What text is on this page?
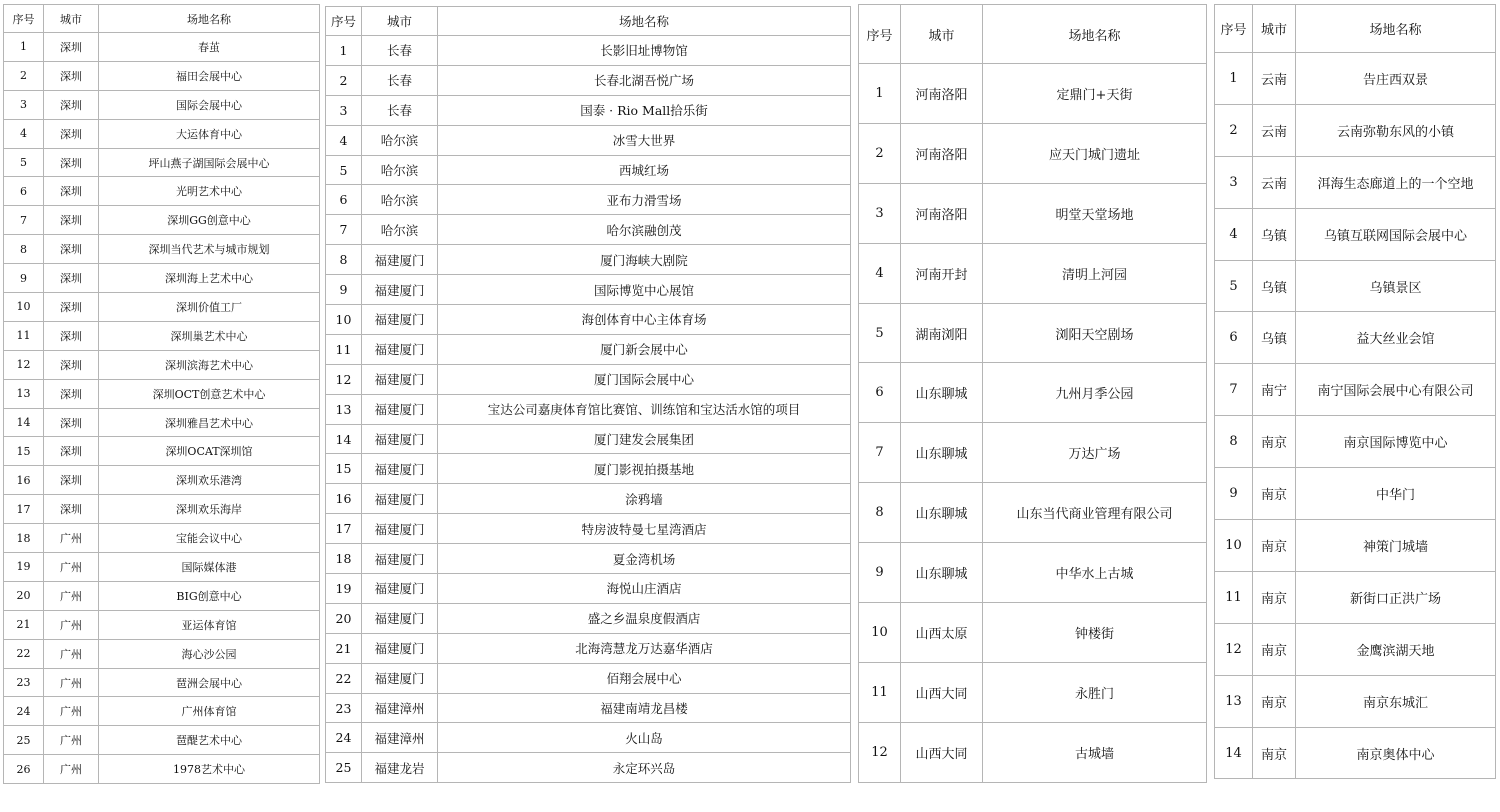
序号	城市	场地名称
1	深圳	春茧
2	深圳	福田会展中心
3	深圳	国际会展中心
4	深圳	大运体育中心
5	深圳	坪山燕子湖国际会展中心
6	深圳	光明艺术中心
7	深圳	深圳GG创意中心
8	深圳	深圳当代艺术与城市规划
9	深圳	深圳海上艺术中心
10	深圳	深圳价值工厂
11	深圳	深圳巢艺术中心
12	深圳	深圳滨海艺术中心
13	深圳	深圳OCT创意艺术中心
14	深圳	深圳雅昌艺术中心
15	深圳	深圳OCAT深圳馆
16	深圳	深圳欢乐港湾
17	深圳	深圳欢乐海岸
18	广州	宝能会议中心
19	广州	国际媒体港
20	广州	BIG创意中心
21	广州	亚运体育馆
22	广州	海心沙公园
23	广州	琶洲会展中心
24	广州	广州体育馆
25	广州	琶醍艺术中心
26	广州	1978艺术中心
序号	城市	场地名称
1	长春	长影旧址博物馆
2	长春	长春北湖吾悦广场
3	长春	国泰 · Rio Mall拾乐街
4	哈尔滨	冰雪大世界
5	哈尔滨	西城红场
6	哈尔滨	亚布力滑雪场
7	哈尔滨	哈尔滨融创茂
8	福建厦门	厦门海峡大剧院
9	福建厦门	国际博览中心展馆
10	福建厦门	海创体育中心主体育场
11	福建厦门	厦门新会展中心
12	福建厦门	厦门国际会展中心
13	福建厦门	宝达公司嘉庚体育馆比赛馆、训练馆和宝达活水馆的项目
14	福建厦门	厦门建发会展集团
15	福建厦门	厦门影视拍摄基地
16	福建厦门	涂鸦墙
17	福建厦门	特房波特曼七星湾酒店
18	福建厦门	夏金湾机场
19	福建厦门	海悦山庄酒店
20	福建厦门	盛之乡温泉度假酒店
21	福建厦门	北海湾慧龙万达嘉华酒店
22	福建厦门	佰翔会展中心
23	福建漳州	福建南靖龙昌楼
24	福建漳州	火山岛
25	福建龙岩	永定环兴岛
序号	城市	场地名称
1	河南洛阳	定鼎门+天街
2	河南洛阳	应天门城门遗址
3	河南洛阳	明堂天堂场地
4	河南开封	清明上河园
5	湖南浏阳	浏阳天空剧场
6	山东聊城	九州月季公园
7	山东聊城	万达广场
8	山东聊城	山东当代商业管理有限公司
9	山东聊城	中华水上古城
10	山西太原	钟楼街
11	山西大同	永胜门
12	山西大同	古城墙
序号	城市	场地名称
1	云南	告庄西双景
2	云南	云南弥勒东风的小镇
3	云南	洱海生态廊道上的一个空地
4	乌镇	乌镇互联网国际会展中心
5	乌镇	乌镇景区
6	乌镇	益大丝业会馆
7	南宁	南宁国际会展中心有限公司
8	南京	南京国际博览中心
9	南京	中华门
10	南京	神策门城墙
11	南京	新街口正洪广场
12	南京	金鹰滨湖天地
13	南京	南京东城汇
14	南京	南京奥体中心
